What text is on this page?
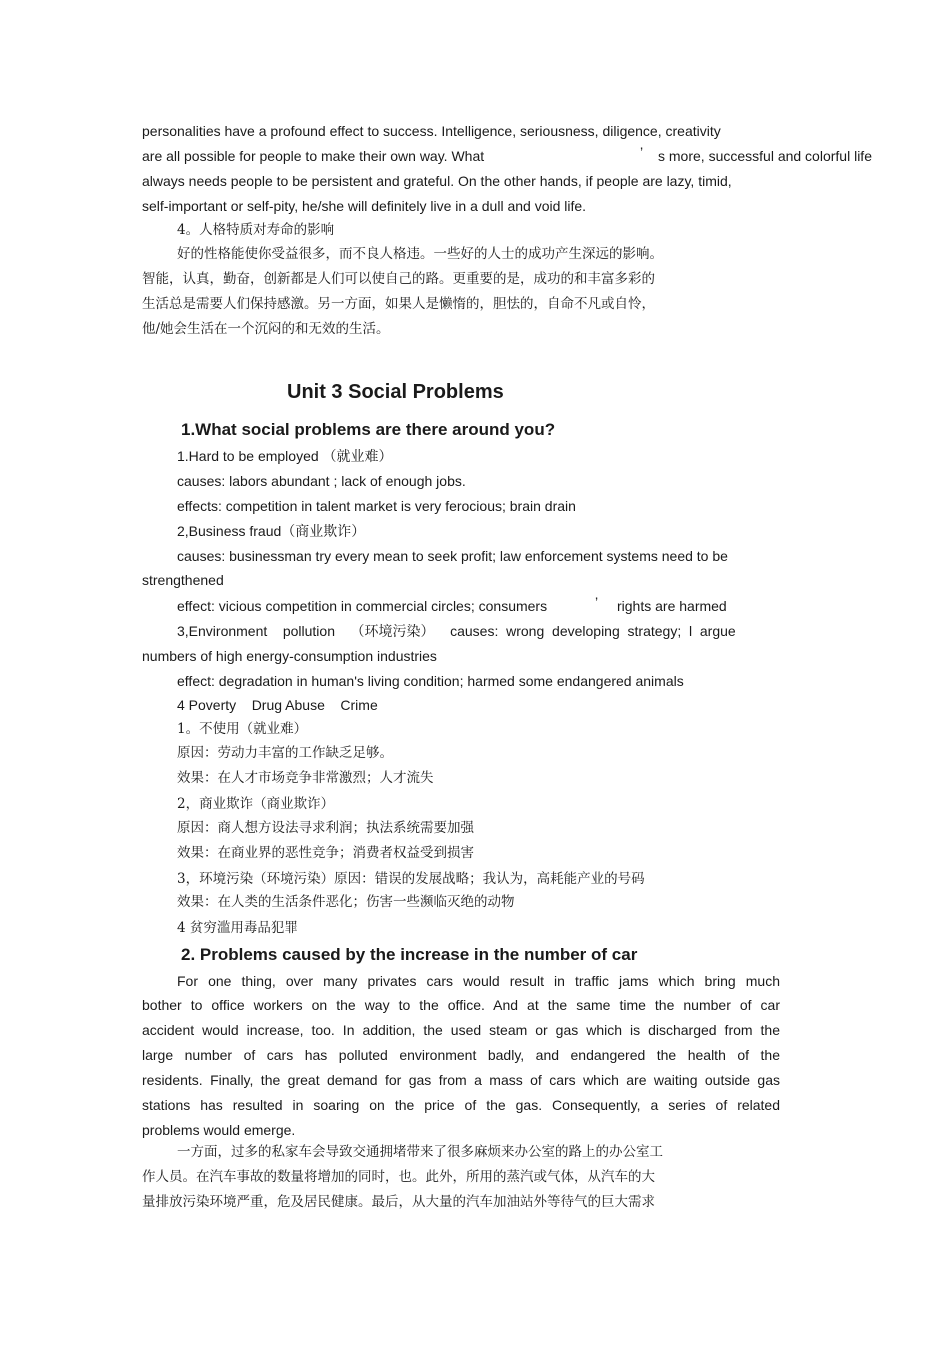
personalities have a profound effect to success. Intelligence, seriousness, diligence, creativity
are all possible for people to make their own way. What	’ s more, successful and colorful life
always needs people to be persistent and grateful. On the other hands, if people are lazy, timid,
self-important or self-pity, he/she will definitely live in a dull and void life.
4。人格特质对寿命的影响
好的性格能使你受益很多，而不良人格违。一些好的人士的成功产生深远的影响。
智能，认真，勤奋，创新都是人们可以使自己的路。更重要的是，成功的和丰富多彩的
生活总是需要人们保持感激。另一方面，如果人是懒惰的，胆怯的，自命不凡或自怜，
他/她会生活在一个沉闷的和无效的生活。
Unit 3 Social Problems
1.What social problems are there around you?
1.Hard to be employed （就业难）
causes: labors abundant ; lack of enough jobs.
effects: competition in talent market is very ferocious; brain drain
2,Business fraud（商业欺诈）
causes: businessman try every mean to seek profit; law enforcement systems need to be
strengthened
effect: vicious competition in commercial circles; consumers	’ rights are harmed
3,Environment    pollution    （环境污染）    causes:  wrong  developing  strategy;  l  argue
numbers of high energy-consumption industries
effect: degradation in human's living condition; harmed some endangered animals
4 Poverty    Drug Abuse    Crime
1。不使用（就业难）
原因：劳动力丰富的工作缺乏足够。
效果：在人才市场竞争非常激烈；人才流失
2，商业欺诈（商业欺诈）
原因：商人想方设法寻求利润；执法系统需要加强
效果：在商业界的恶性竞争；消费者权益受到损害
3，环境污染（环境污染）原因：错误的发展战略；我认为，高耗能产业的号码
效果：在人类的生活条件恶化；伤害一些濒临灭绝的动物
4 贫穷滥用毒品犯罪
2. Problems caused by the increase in the number of car
For one thing, over many privates cars would result in traffic jams which bring much
bother to office workers on the way to the office. And at the same time the number of car
accident would increase, too. In addition, the used steam or gas which is discharged from the
large number of cars has polluted environment badly, and endangered the health of the
residents. Finally, the great demand for gas from a mass of cars which are waiting outside gas
stations has resulted in soaring on the price of the gas. Consequently, a series of related
problems would emerge.
一方面，过多的私家车会导致交通拥堵带来了很多麻烦来办公室的路上的办公室工
作人员。在汽车事故的数量将增加的同时，也。此外，所用的蒸汽或气体，从汽车的大
量排放污染环境严重，危及居民健康。最后，从大量的汽车加油站外等待气的巨大需求
